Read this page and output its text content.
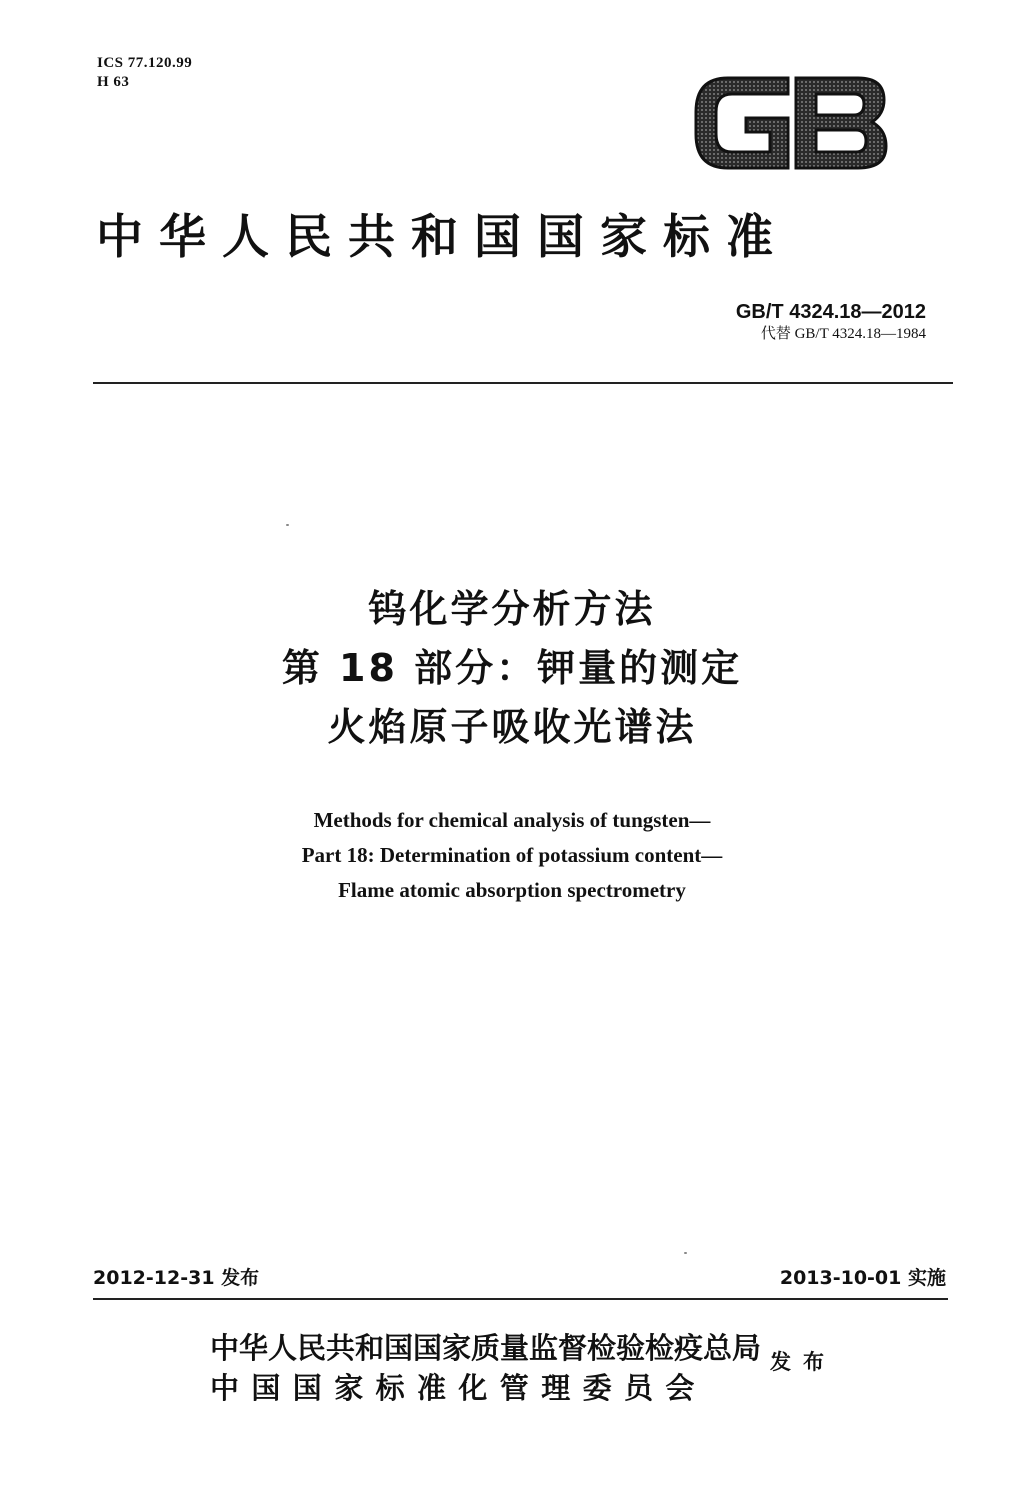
ICS 77.120.99
H 63
中华人民共和国国家标准
GB/T 4324.18—2012
代替 GB/T 4324.18—1984
钨化学分析方法
第 18 部分：钾量的测定
火焰原子吸收光谱法
Methods for chemical analysis of tungsten—
Part 18: Determination of potassium content—
Flame atomic absorption spectrometry
2012-12-31 发布	2013-10-01 实施
中华人民共和国国家质量监督检验检疫总局
中国国家标准化管理委员会
发布
